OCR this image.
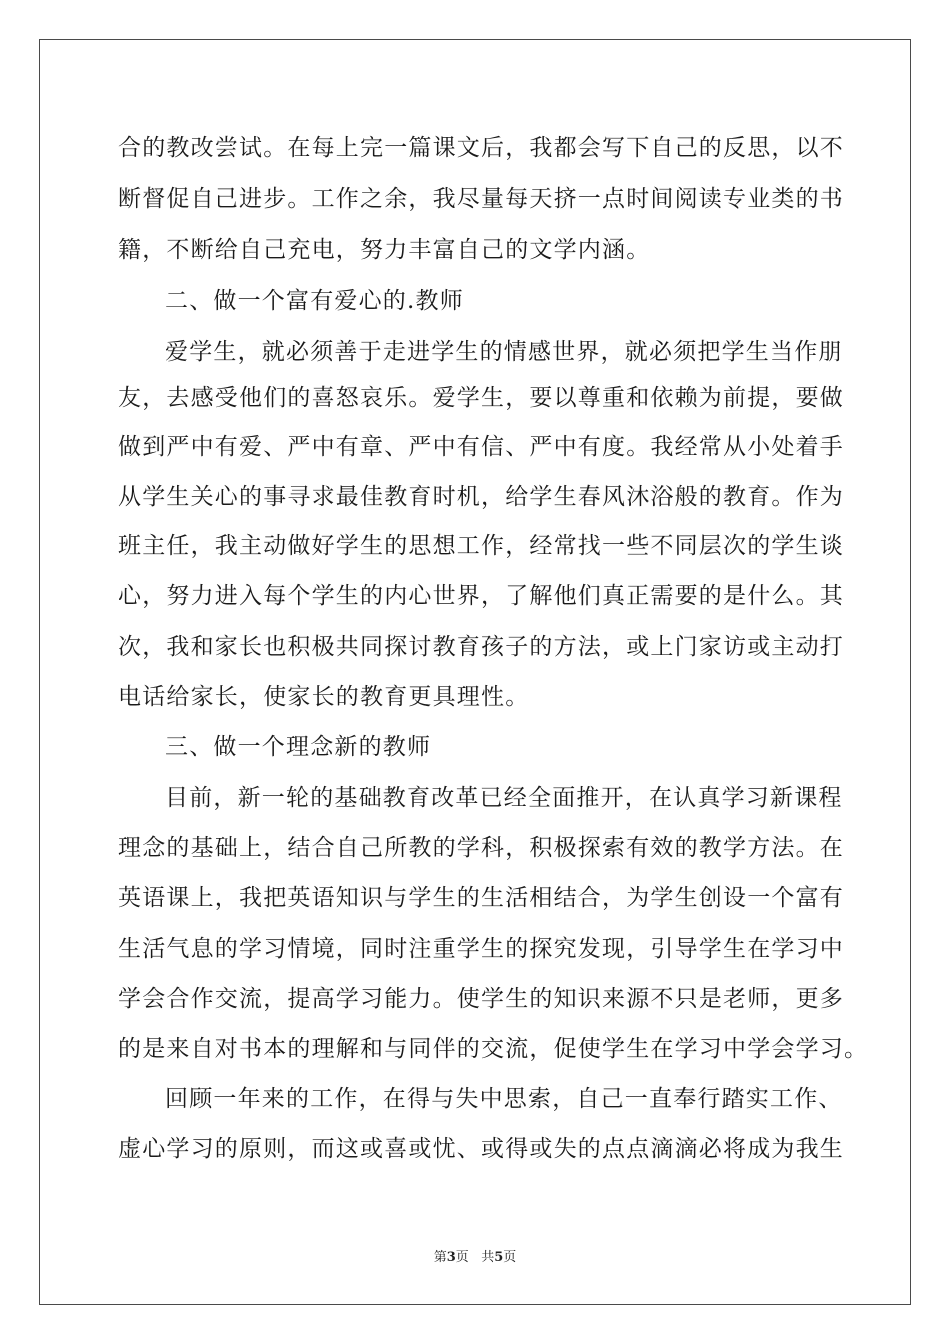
合的教改尝试。在每上完一篇课文后，我都会写下自己的反思，以不
断督促自己进步。工作之余，我尽量每天挤一点时间阅读专业类的书
籍，不断给自己充电，努力丰富自己的文学内涵。
二、做一个富有爱心的.教师
爱学生，就必须善于走进学生的情感世界，就必须把学生当作朋
友，去感受他们的喜怒哀乐。爱学生，要以尊重和依赖为前提，要做
做到严中有爱、严中有章、严中有信、严中有度。我经常从小处着手
从学生关心的事寻求最佳教育时机，给学生春风沐浴般的教育。作为
班主任，我主动做好学生的思想工作，经常找一些不同层次的学生谈
心，努力进入每个学生的内心世界，了解他们真正需要的是什么。其
次，我和家长也积极共同探讨教育孩子的方法，或上门家访或主动打
电话给家长，使家长的教育更具理性。
三、做一个理念新的教师
目前，新一轮的基础教育改革已经全面推开，在认真学习新课程
理念的基础上，结合自己所教的学科，积极探索有效的教学方法。在
英语课上，我把英语知识与学生的生活相结合，为学生创设一个富有
生活气息的学习情境，同时注重学生的探究发现，引导学生在学习中
学会合作交流，提高学习能力。使学生的知识来源不只是老师，更多
的是来自对书本的理解和与同伴的交流，促使学生在学习中学会学习。
回顾一年来的工作，在得与失中思索，自己一直奉行踏实工作、
虚心学习的原则，而这或喜或忧、或得或失的点点滴滴必将成为我生
第3页 共5页
